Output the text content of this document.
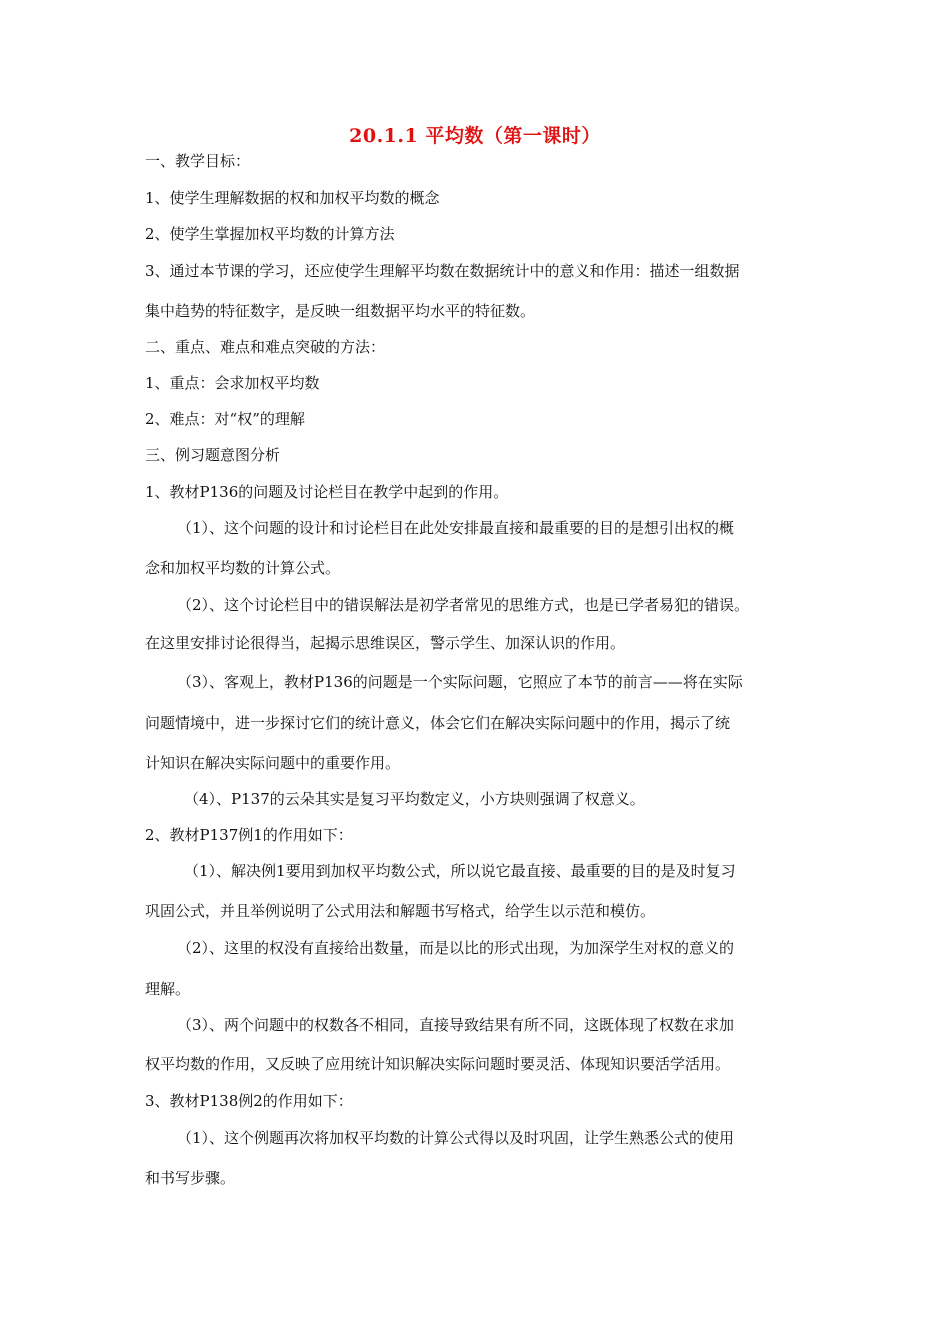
20.1.1 平均数（第一课时）
一、教学目标：
1、使学生理解数据的权和加权平均数的概念
2、使学生掌握加权平均数的计算方法
3、通过本节课的学习，还应使学生理解平均数在数据统计中的意义和作用：描述一组数据
集中趋势的特征数字，是反映一组数据平均水平的特征数。
二、重点、难点和难点突破的方法：
1、重点：会求加权平均数
2、难点：对“权”的理解
三、例习题意图分析
1、教材P136的问题及讨论栏目在教学中起到的作用。
（1）、这个问题的设计和讨论栏目在此处安排最直接和最重要的目的是想引出权的概
念和加权平均数的计算公式。
（2）、这个讨论栏目中的错误解法是初学者常见的思维方式，也是已学者易犯的错误。
在这里安排讨论很得当，起揭示思维误区，警示学生、加深认识的作用。
（3）、客观上，教材P136的问题是一个实际问题，它照应了本节的前言——将在实际
问题情境中，进一步探讨它们的统计意义，体会它们在解决实际问题中的作用，揭示了统
计知识在解决实际问题中的重要作用。
（4）、P137的云朵其实是复习平均数定义，小方块则强调了权意义。
2、教材P137例1的作用如下：
（1）、解决例1要用到加权平均数公式，所以说它最直接、最重要的目的是及时复习
巩固公式，并且举例说明了公式用法和解题书写格式，给学生以示范和模仿。
（2）、这里的权没有直接给出数量，而是以比的形式出现，为加深学生对权的意义的
理解。
（3）、两个问题中的权数各不相同，直接导致结果有所不同，这既体现了权数在求加
权平均数的作用，又反映了应用统计知识解决实际问题时要灵活、体现知识要活学活用。
3、教材P138例2的作用如下：
（1）、这个例题再次将加权平均数的计算公式得以及时巩固，让学生熟悉公式的使用
和书写步骤。
